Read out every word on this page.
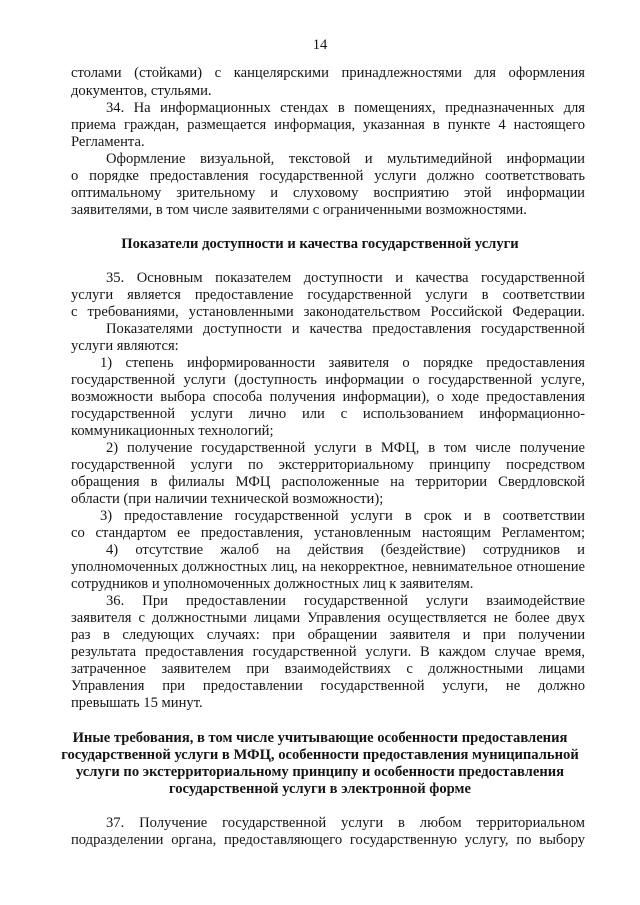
14
столами (стойками) с канцелярскими принадлежностями для оформления
документов, стульями.
34. На информационных стендах в помещениях, предназначенных для
приема граждан, размещается информация, указанная в пункте 4 настоящего
Регламента.
Оформление визуальной, текстовой и мультимедийной информации
о порядке предоставления государственной услуги должно соответствовать
оптимальному зрительному и слуховому восприятию этой информации
заявителями, в том числе заявителями с ограниченными возможностями.
Показатели доступности и качества государственной услуги
35. Основным показателем доступности и качества государственной
услуги является предоставление государственной услуги в соответствии
с требованиями, установленными законодательством Российской Федерации.
Показателями доступности и качества предоставления государственной
услуги являются:
1) степень информированности заявителя о порядке предоставления
государственной услуги (доступность информации о государственной услуге,
возможности выбора способа получения информации), о ходе предоставления
государственной услуги лично или с использованием информационно-
коммуникационных технологий;
2) получение государственной услуги в МФЦ, в том числе получение
государственной услуги по экстерриториальному принципу посредством
обращения в филиалы МФЦ расположенные на территории Свердловской
области (при наличии технической возможности);
3) предоставление государственной услуги в срок и в соответствии
со стандартом ее предоставления, установленным настоящим Регламентом;
4) отсутствие жалоб на действия (бездействие) сотрудников и
уполномоченных должностных лиц, на некорректное, невнимательное отношение
сотрудников и уполномоченных должностных лиц к заявителям.
36. При предоставлении государственной услуги взаимодействие
заявителя с должностными лицами Управления осуществляется не более двух
раз в следующих случаях: при обращении заявителя и при получении
результата предоставления государственной услуги. В каждом случае время,
затраченное заявителем при взаимодействиях с должностными лицами
Управления при предоставлении государственной услуги, не должно
превышать 15 минут.
Иные требования, в том числе учитывающие особенности предоставления
государственной услуги в МФЦ, особенности предоставления муниципальной
услуги по экстерриториальному принципу и особенности предоставления
государственной услуги в электронной форме
37. Получение государственной услуги в любом территориальном
подразделении органа, предоставляющего государственную услугу, по выбору
